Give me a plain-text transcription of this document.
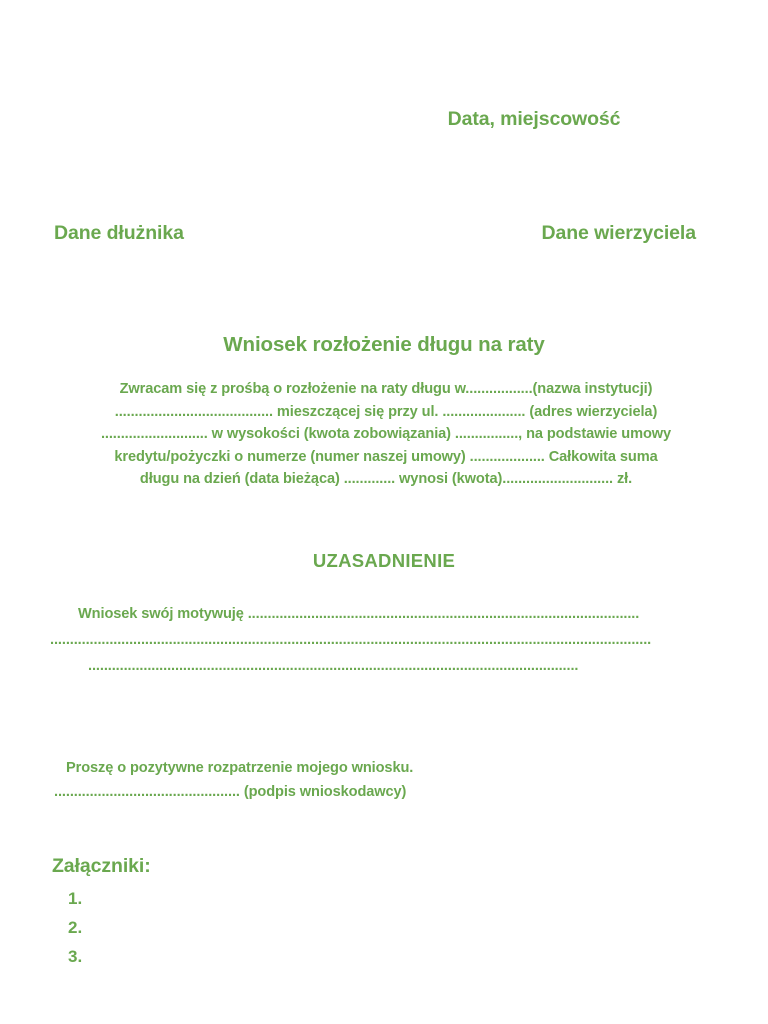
Data, miejscowość
Dane dłużnika	Dane wierzyciela
Wniosek rozłożenie długu na raty
Zwracam się z prośbą o rozłożenie na raty długu w.................(nazwa instytucji)
........................................ mieszczącej się przy ul. ..................... (adres wierzyciela)
........................... w wysokości (kwota zobowiązania) ................, na podstawie umowy
kredytu/pożyczki o numerze (numer naszej umowy) ................... Całkowita suma
długu na dzień (data bieżąca) ............. wynosi (kwota)............................ zł.
UZASADNIENIE
Wniosek swój motywuję ...................................................................................................
........................................................................................................................................................
............................................................................................................................
Proszę o pozytywne rozpatrzenie mojego wniosku.
............................................... (podpis wnioskodawcy)
Załączniki:
1.
2.
3.
